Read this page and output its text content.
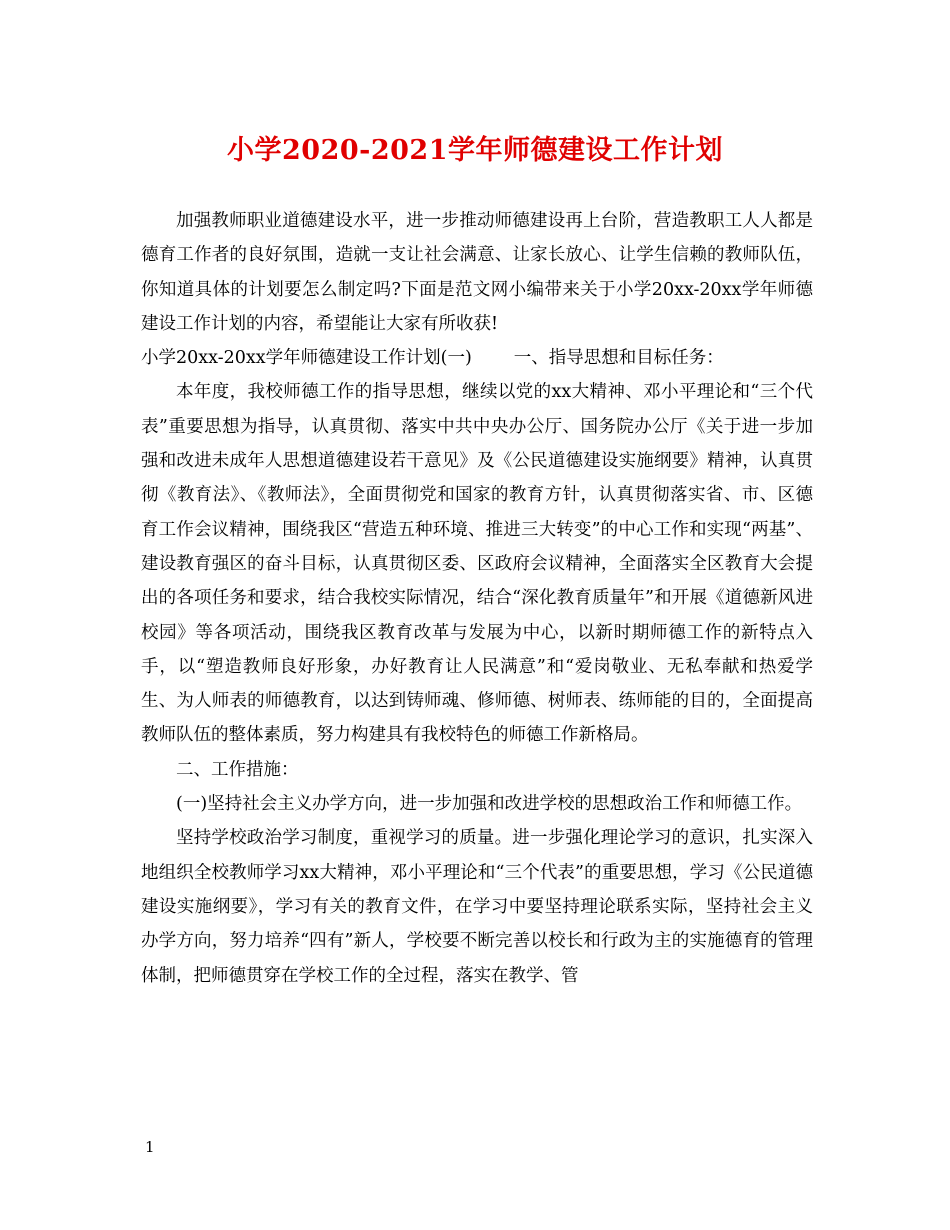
小学2020-2021学年师德建设工作计划

加强教师职业道德建设水平，进一步推动师德建设再上台阶，营造教职工人人都是德育工作者的良好氛围，造就一支让社会满意、让家长放心、让学生信赖的教师队伍，你知道具体的计划要怎么制定吗?下面是范文网小编带来关于小学20xx-20xx学年师德建设工作计划的内容，希望能让大家有所收获!

小学20xx-20xx学年师德建设工作计划(一) 一、指导思想和目标任务：

本年度，我校师德工作的指导思想，继续以党的xx大精神、邓小平理论和“三个代表”重要思想为指导，认真贯彻、落实中共中央办公厅、国务院办公厅《关于进一步加强和改进未成年人思想道德建设若干意见》及《公民道德建设实施纲要》精神，认真贯彻《教育法》、《教师法》，全面贯彻党和国家的教育方针，认真贯彻落实省、市、区德育工作会议精神，围绕我区“营造五种环境、推进三大转变”的中心工作和实现“两基”、建设教育强区的奋斗目标，认真贯彻区委、区政府会议精神，全面落实全区教育大会提出的各项任务和要求，结合我校实际情况，结合“深化教育质量年”和开展《道德新风进校园》等各项活动，围绕我区教育改革与发展为中心，以新时期师德工作的新特点入手，以“塑造教师良好形象，办好教育让人民满意”和“爱岗敬业、无私奉献和热爱学生、为人师表的师德教育，以达到铸师魂、修师德、树师表、练师能的目的，全面提高教师队伍的整体素质，努力构建具有我校特色的师德工作新格局。

二、工作措施：

(一)坚持社会主义办学方向，进一步加强和改进学校的思想政治工作和师德工作。

坚持学校政治学习制度，重视学习的质量。进一步强化理论学习的意识，扎实深入地组织全校教师学习xx大精神，邓小平理论和“三个代表”的重要思想，学习《公民道德建设实施纲要》，学习有关的教育文件，在学习中要坚持理论联系实际，坚持社会主义办学方向，努力培养“四有”新人，学校要不断完善以校长和行政为主的实施德育的管理体制，把师德贯穿在学校工作的全过程，落实在教学、管

1
